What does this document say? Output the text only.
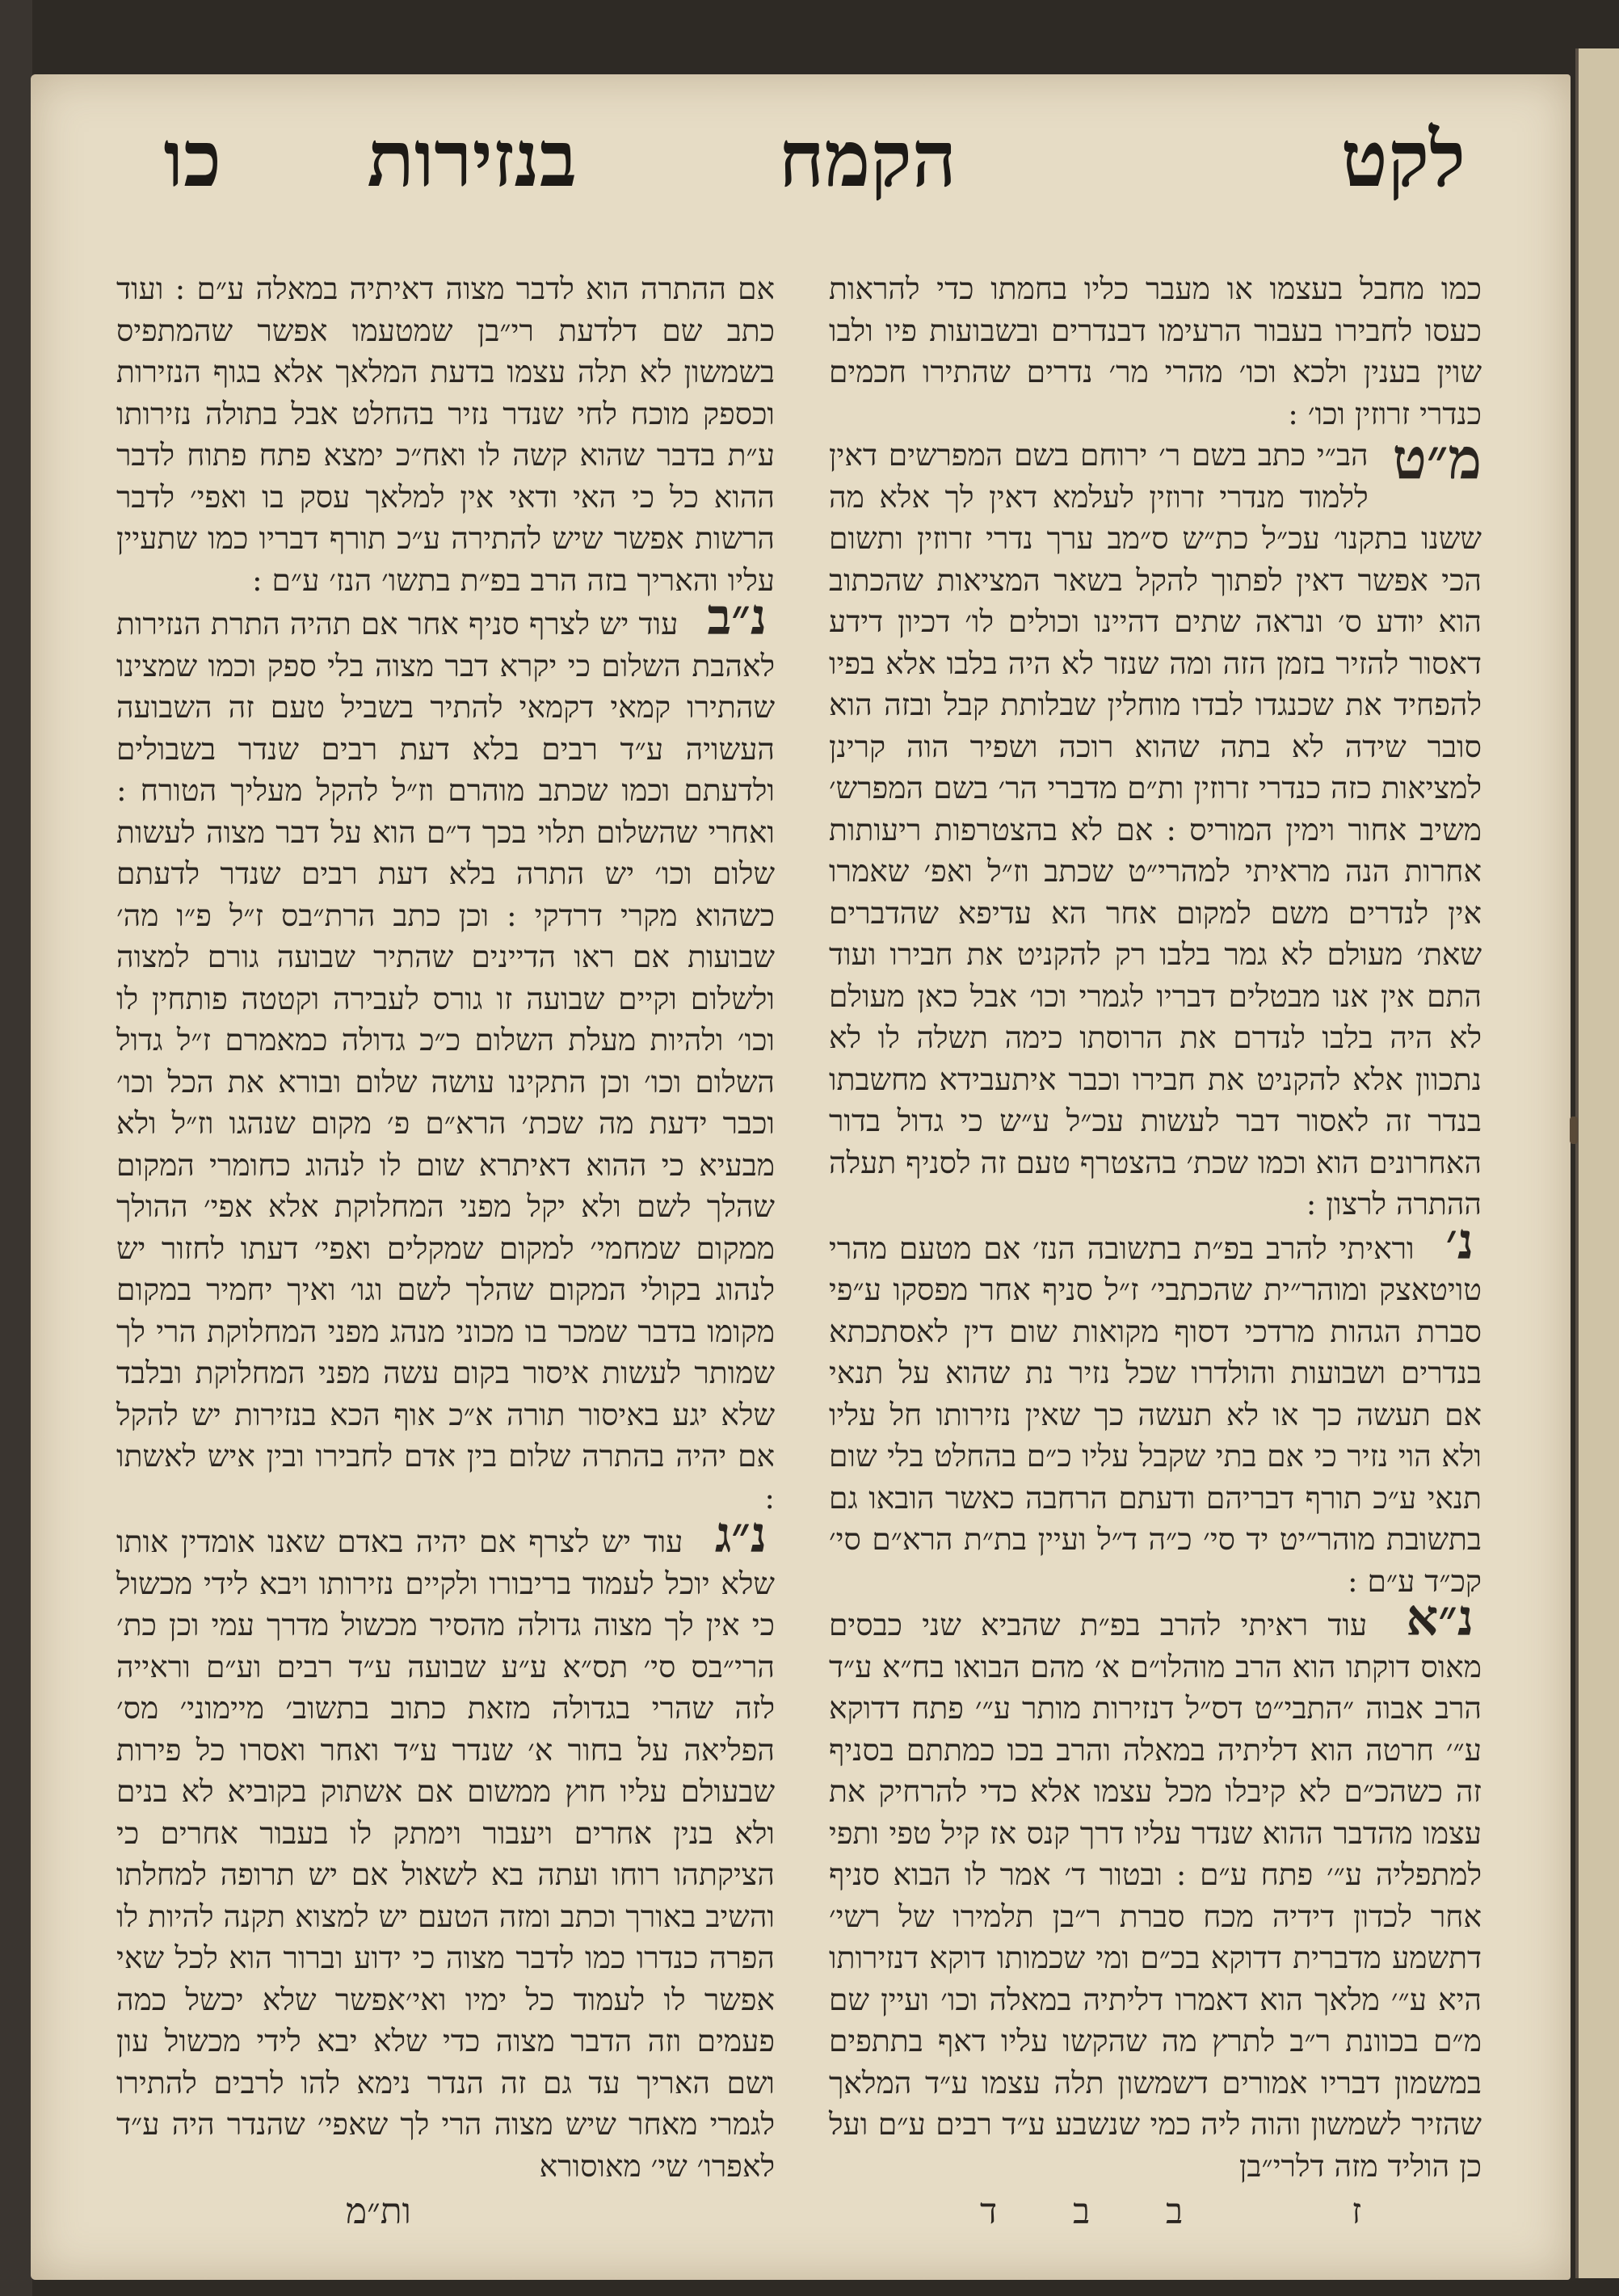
לקט
הקמח
בנזירות
כו

כמו מחבל בעצמו או מעבר כליו בחמתו כדי להראות כעסו לחבירו בעבור הרעימו דבנדרים ובשבועות פיו ולבו שוין בענין ולכא וכו׳ מהרי מר׳ נדרים שהתירו חכמים כנדרי זרוזין וכו׳ :

מ״ט
הב״י כתב בשם ר׳ ירוחם בשם המפרשים דאין ללמוד מנדרי זרוזין לעלמא דאין לך אלא מה ששנו בתקנו׳ עכ״ל כת״ש ס״מב ערך נדרי זרוזין ותשום הכי אפשר דאין לפתוך להקל בשאר המציאות שהכתוב הוא יודע ס׳ ונראה שתים דהיינו וכולים לו׳ דכיון דידע דאסור להזיר בזמן הזה ומה שנזר לא היה בלבו אלא בפיו להפחיד את שכנגדו לבדו מוחלין שבלותת קבל ובזה הוא סובר שידה לא בתה שהוא רוכה ושפיר הוה קרינן למציאות כזה כנדרי זרוזין ות״ם מדברי הר׳ בשם המפרש׳ משיב אחור וימין המוריס : אם לא בהצטרפות ריעותות אחרות הנה מראיתי למהרי״ט שכתב וז״ל ואפ׳ שאמרו אין לנדרים משם למקום אחר הא עדיפא שהדברים שאת׳ מעולם לא גמר בלבו רק להקניט את חבירו ועוד התם אין אנו מבטלים דבריו לגמרי וכו׳ אבל כאן מעולם לא היה בלבו לנדרם את הרוסתו כימה תשלה לו לא נתכוון אלא להקניט את חבירו וכבר איתעבידא מחשבתו בנדר זה לאסור דבר לעשות עכ״ל ע״ש כי גדול בדור האחרונים הוא וכמו שכת׳ בהצטרף טעם זה לסניף תעלה ההתרה לרצון :

נ׳ וראיתי להרב בפ״ת בתשובה הנז׳ אם מטעם מהרי טויטאצק ומוהר״ית שהכתבי׳ ז״ל סניף אחר מפסקו ע״פי סברת הגהות מרדכי דסוף מקואות שום דין לאסתכתא בנדרים ושבועות והולדרו שכל נזיר נת שהוא על תנאי אם תעשה כך או לא תעשה כך שאין נזירותו חל עליו ולא הוי נזיר כי אם בתי שקבל עליו כ״ם בהחלט בלי שום תנאי ע״כ תורף דבריהם ודעתם הרחבה כאשר הובאו גם בתשובת מוהר״יט יד סי׳ כ״ה ד״ל ועיין בת״ת הרא״ם סי׳ קכ״ד ע״ם :

נ״א עוד ראיתי להרב בפ״ת שהביא שני כבסים מאוס דוקתו הוא הרב מוהלו״ם א׳ מהם הבואו בח״א ע״ד הרב אבוה ״התבי״ט דס״ל דנזירות מותר ע״׳ פתח דדוקא ע״׳ חרטה הוא דליתיה במאלה והרב בכו כמתתם בסניף זה כשהכ״ם לא קיבלו מכל עצמו אלא כדי להרחיק את עצמו מהדבר ההוא שנדר עליו דרך קנס אז קיל טפי ותפי למתפליה ע״׳ פתח ע״ם : ובטור ד׳ אמר לו הבוא סניף אחר לכדון דידיה מכח סברת ר״בן תלמירו של רשי׳ דתשמע מדברית דדוקא בכ״ם ומי שכמותו דוקא דנזירותו היא ע״׳ מלאך הוא דאמרו דליתיה במאלה וכו׳ ועיין שם מ״ם בכוונת ר״ב לתרץ מה שהקשו עליו דאף בתתפים במשמון דבריו אמורים דשמשון תלה עצמו ע״ד המלאך שהזיר לשמשון והוה ליה כמי שנשבע ע״ד רבים ע״ם ועל כן הוליד מזה דלרי״בן

אם ההתרה הוא לדבר מצוה דאיתיה במאלה ע״ם : ועוד כתב שם דלדעת רי״בן שמטעמו אפשר שהמתפיס בשמשון לא תלה עצמו בדעת המלאך אלא בגוף הנזירות וכספק מוכח לחי שנדר נזיר בהחלט אבל בתולה נזירותו ע״ת בדבר שהוא קשה לו ואח״כ ימצא פתח פתוח לדבר ההוא כל כי האי ודאי אין למלאך עסק בו ואפי׳ לדבר הרשות אפשר שיש להתירה ע״כ תורף דבריו כמו שתעיין עליו והאריך בזה הרב בפ״ת בתשו׳ הנז׳ ע״ם :

נ״ב עוד יש לצרף סניף אחר אם תהיה התרת הנזירות לאהבת השלום כי יקרא דבר מצוה בלי ספק וכמו שמצינו שהתירו קמאי דקמאי להתיר בשביל טעם זה השבועה העשויה ע״ד רבים בלא דעת רבים שנדר בשבולים ולדעתם וכמו שכתב מוהרם וז״ל להקל מעליך הטורח : ואחרי שהשלום תלוי בכך ד״ם הוא על דבר מצוה לעשות שלום וכו׳ יש התרה בלא דעת רבים שנדר לדעתם כשהוא מקרי דרדקי : וכן כתב הרת״בס ז״ל פ״ו מה׳ שבועות אם ראו הדיינים שהתיר שבועה גורם למצוה ולשלום וקיים שבועה זו גורס לעבירה וקטטה פותחין לו וכו׳ ולהיות מעלת השלום כ״כ גדולה כמאמרם ז״ל גדול השלום וכו׳ וכן התקינו עושה שלום ובורא את הכל וכו׳ וכבר ידעת מה שכת׳ הרא״ם פ׳ מקום שנהגו וז״ל ולא מבעיא כי ההוא דאיתרא שום לו לנהוג כחומרי המקום שהלך לשם ולא יקל מפני המחלוקת אלא אפי׳ ההולך ממקום שמחמי׳ למקום שמקלים ואפי׳ דעתו לחזור יש לנהוג בקולי המקום שהלך לשם וגו׳ ואיך יחמיר במקום מקומו בדבר שמכר בו מכוני מנהג מפני המחלוקת הרי לך שמותר לעשות איסור בקום עשה מפני המחלוקת ובלבד שלא יגע באיסור תורה א״כ אוף הכא בנזירות יש להקל אם יהיה בהתרה שלום בין אדם לחבירו ובין איש לאשתו :

נ״ג עוד יש לצרף אם יהיה באדם שאנו אומדין אותו שלא יוכל לעמוד בריבורו ולקיים נזירותו ויבא לידי מכשול כי אין לך מצוה גדולה מהסיר מכשול מדרך עמי וכן כת׳ הרי״בס סי׳ תס״א ע״ע שבועה ע״ד רבים וע״ם וראייה לזה שהרי בגדולה מזאת כתוב בתשוב׳ מיימוני׳ מס׳ הפליאה על בחור א׳ שנדר ע״ד ואחר ואסרו כל פירות שבעולם עליו חוץ ממשום אם אשתוק בקוביא לא בנים ולא בנין אחרים ויעבור וימתק לו בעבור אחרים כי הציקתהו רוחו ועתה בא לשאול אם יש תרופה למחלתו והשיב באורך וכתב ומזה הטעם יש למצוא תקנה להיות לו הפרה כנדרו כמו לדבר מצוה כי ידוע וברור הוא לכל שאי אפשר לו לעמוד כל ימיו ואי׳אפשר שלא יכשל כמה פעמים וזה הדבר מצוה כדי שלא יבא לידי מכשול עון ושם האריך עד גם זה הנדר נימא להו לרבים להתירו לגמרי מאחר שיש מצוה הרי לך שאפי׳ שהנדר היה ע״ד לאפרו׳ שי׳ מאוסורא

ז
ב
ב
ד
ות״מ
